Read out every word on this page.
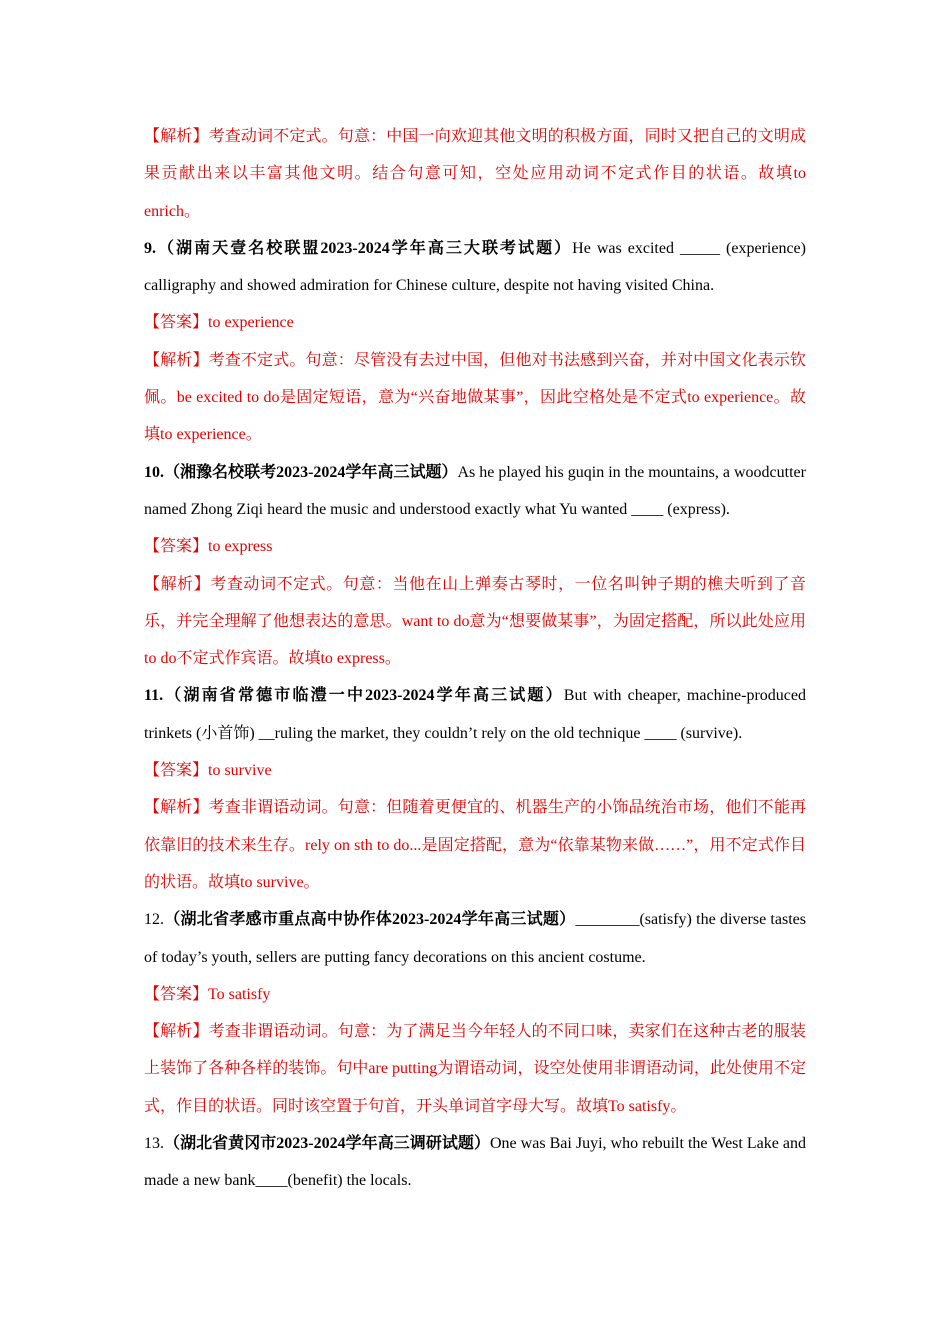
【解析】考查动词不定式。句意：中国一向欢迎其他文明的积极方面，同时又把自己的文明成果贡献出来以丰富其他文明。结合句意可知，空处应用动词不定式作目的状语。故填to enrich。

9.（湖南天壹名校联盟2023-2024学年高三大联考试题）He was excited _____ (experience) calligraphy and showed admiration for Chinese culture, despite not having visited China.

【答案】to experience

【解析】考查不定式。句意：尽管没有去过中国，但他对书法感到兴奋，并对中国文化表示钦佩。be excited to do是固定短语，意为“兴奋地做某事”，因此空格处是不定式to experience。故填to experience。

10.（湘豫名校联考2023-2024学年高三试题）As he played his guqin in the mountains, a woodcutter named Zhong Ziqi heard the music and understood exactly what Yu wanted ____ (express).

【答案】to express

【解析】考查动词不定式。句意：当他在山上弹奏古琴时，一位名叫钟子期的樵夫听到了音乐，并完全理解了他想表达的意思。want to do意为“想要做某事”，为固定搭配，所以此处应用to do不定式作宾语。故填to express。

11.（湖南省常德市临澧一中2023-2024学年高三试题）But with cheaper, machine-produced trinkets (小首饰) __ruling the market, they couldn’t rely on the old technique ____ (survive).

【答案】to survive

【解析】考查非谓语动词。句意：但随着更便宜的、机器生产的小饰品统治市场，他们不能再依靠旧的技术来生存。rely on sth to do...是固定搭配，意为“依靠某物来做……”，用不定式作目的状语。故填to survive。

12.（湖北省孝感市重点高中协作体2023-2024学年高三试题）________(satisfy) the diverse tastes of today’s youth, sellers are putting fancy decorations on this ancient costume.

【答案】To satisfy

【解析】考查非谓语动词。句意：为了满足当今年轻人的不同口味，卖家们在这种古老的服装上装饰了各种各样的装饰。句中are putting为谓语动词，设空处使用非谓语动词，此处使用不定式，作目的状语。同时该空置于句首，开头单词首字母大写。故填To satisfy。

13.（湖北省黄冈市2023-2024学年高三调研试题）One was Bai Juyi, who rebuilt the West Lake and made a new bank____(benefit) the locals.
